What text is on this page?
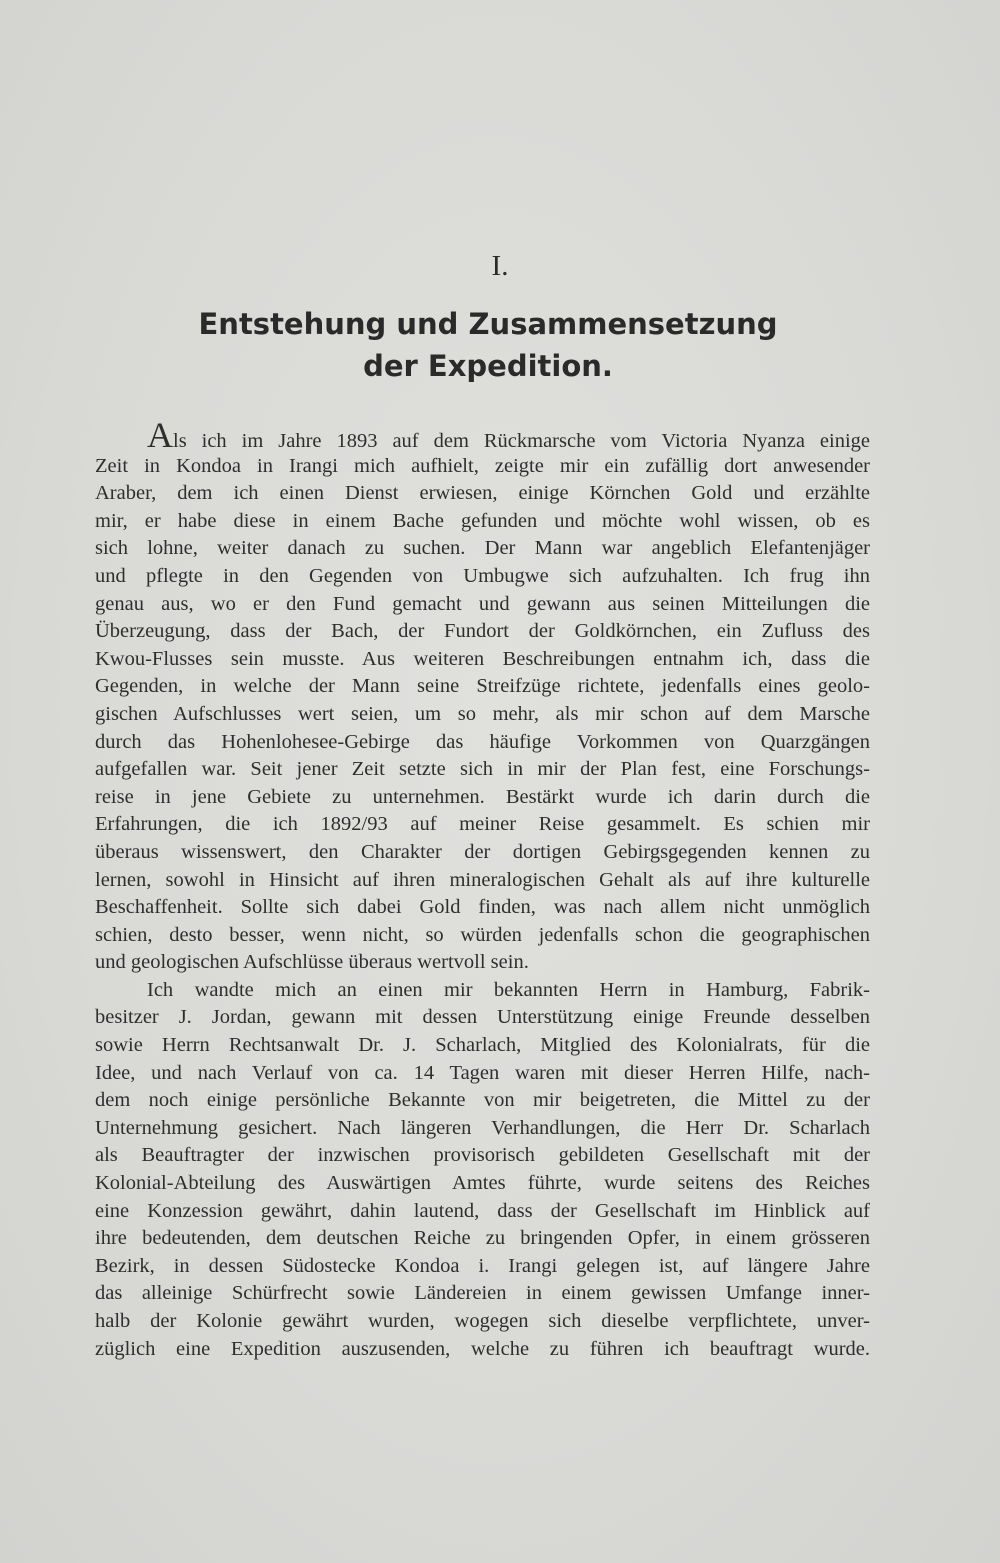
I.
Entstehung und Zusammensetzung
der Expedition.
Als ich im Jahre 1893 auf dem Rückmarsche vom Victoria Nyanza einige
Zeit in Kondoa in Irangi mich aufhielt, zeigte mir ein zufällig dort anwesender
Araber, dem ich einen Dienst erwiesen, einige Körnchen Gold und erzählte
mir, er habe diese in einem Bache gefunden und möchte wohl wissen, ob es
sich lohne, weiter danach zu suchen. Der Mann war angeblich Elefantenjäger
und pflegte in den Gegenden von Umbugwe sich aufzuhalten. Ich frug ihn
genau aus, wo er den Fund gemacht und gewann aus seinen Mitteilungen die
Überzeugung, dass der Bach, der Fundort der Goldkörnchen, ein Zufluss des
Kwou-Flusses sein musste. Aus weiteren Beschreibungen entnahm ich, dass die
Gegenden, in welche der Mann seine Streifzüge richtete, jedenfalls eines geolo-
gischen Aufschlusses wert seien, um so mehr, als mir schon auf dem Marsche
durch das Hohenlohesee-Gebirge das häufige Vorkommen von Quarzgängen
aufgefallen war. Seit jener Zeit setzte sich in mir der Plan fest, eine Forschungs-
reise in jene Gebiete zu unternehmen. Bestärkt wurde ich darin durch die
Erfahrungen, die ich 1892/93 auf meiner Reise gesammelt. Es schien mir
überaus wissenswert, den Charakter der dortigen Gebirgsgegenden kennen zu
lernen, sowohl in Hinsicht auf ihren mineralogischen Gehalt als auf ihre kulturelle
Beschaffenheit. Sollte sich dabei Gold finden, was nach allem nicht unmöglich
schien, desto besser, wenn nicht, so würden jedenfalls schon die geographischen
und geologischen Aufschlüsse überaus wertvoll sein.
Ich wandte mich an einen mir bekannten Herrn in Hamburg, Fabrik-
besitzer J. Jordan, gewann mit dessen Unterstützung einige Freunde desselben
sowie Herrn Rechtsanwalt Dr. J. Scharlach, Mitglied des Kolonialrats, für die
Idee, und nach Verlauf von ca. 14 Tagen waren mit dieser Herren Hilfe, nach-
dem noch einige persönliche Bekannte von mir beigetreten, die Mittel zu der
Unternehmung gesichert. Nach längeren Verhandlungen, die Herr Dr. Scharlach
als Beauftragter der inzwischen provisorisch gebildeten Gesellschaft mit der
Kolonial-Abteilung des Auswärtigen Amtes führte, wurde seitens des Reiches
eine Konzession gewährt, dahin lautend, dass der Gesellschaft im Hinblick auf
ihre bedeutenden, dem deutschen Reiche zu bringenden Opfer, in einem grösseren
Bezirk, in dessen Südostecke Kondoa i. Irangi gelegen ist, auf längere Jahre
das alleinige Schürfrecht sowie Ländereien in einem gewissen Umfange inner-
halb der Kolonie gewährt wurden, wogegen sich dieselbe verpflichtete, unver-
züglich eine Expedition auszusenden, welche zu führen ich beauftragt wurde.
